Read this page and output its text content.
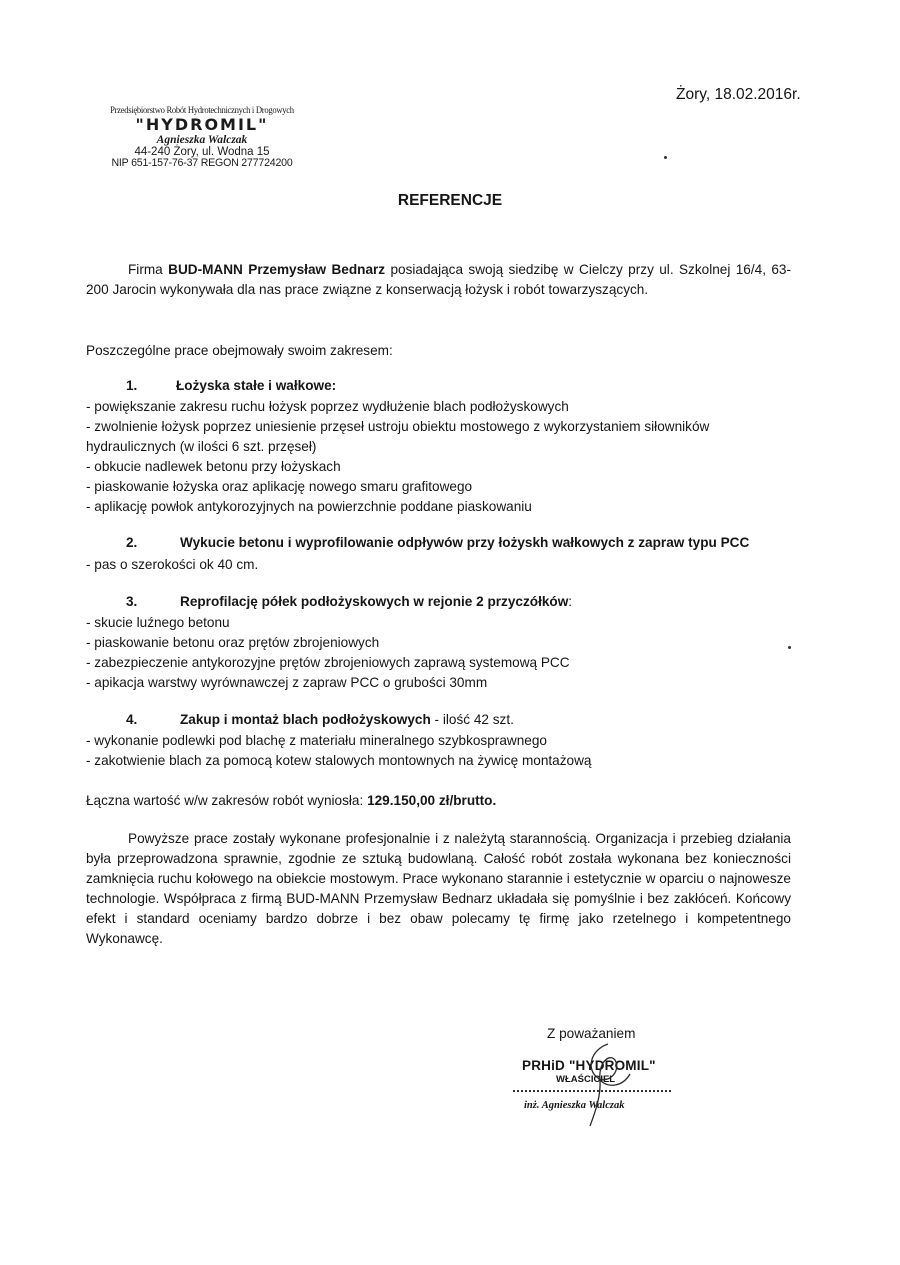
Żory, 18.02.2016r.
Przedsiębiorstwo Robót Hydrotechnicznych i Drogowych
"HYDROMIL"
Agnieszka Walczak
44-240 Żory, ul. Wodna 15
NIP 651-157-76-37 REGON 277724200
REFERENCJE
Firma BUD-MANN Przemysław Bednarz posiadająca swoją siedzibę w Cielczy przy ul. Szkolnej 16/4, 63-200 Jarocin wykonywała dla nas prace związne z konserwacją łożysk i robót towarzyszących.
Poszczególne prace obejmowały swoim zakresem:
1.	Łożyska stałe i wałkowe:
- powiększanie zakresu ruchu łożysk poprzez wydłużenie blach podłożyskowych
- zwolnienie łożysk poprzez uniesienie przęseł ustroju obiektu mostowego z wykorzystaniem siłowników
hydraulicznych (w ilości 6 szt. przęseł)
- obkucie nadlewek betonu przy łożyskach
- piaskowanie łożyska oraz aplikację nowego smaru grafitowego
- aplikację powłok antykorozyjnych na powierzchnie poddane piaskowaniu
2.	Wykucie betonu i wyprofilowanie odpływów przy łożyskh wałkowych z zapraw typu PCC
- pas o szerokości ok 40 cm.
3.	Reprofilację półek podłożyskowych w rejonie 2 przyczółków:
- skucie luźnego betonu
- piaskowanie betonu oraz prętów zbrojeniowych
- zabezpieczenie antykorozyjne prętów zbrojeniowych zaprawą systemową PCC
- apikacja warstwy wyrównawczej z zapraw PCC o grubości 30mm
4.	Zakup i montaż blach podłożyskowych - ilość 42 szt.
- wykonanie podlewki pod blachę z materiału mineralnego szybkosprawnego
- zakotwienie blach za pomocą kotew stalowych montownych na żywicę montażową
Łączna wartość w/w zakresów robót wyniosła: 129.150,00 zł/brutto.
Powyższe prace zostały wykonane profesjonalnie i z należytą starannością. Organizacja i przebieg działania była przeprowadzona sprawnie, zgodnie ze sztuką budowlaną. Całość robót została wykonana bez konieczności zamknięcia ruchu kołowego na obiekcie mostowym. Prace wykonano starannie i estetycznie w oparciu o najnowesze technologie. Współpraca z firmą BUD-MANN Przemysław Bednarz układała się pomyślnie i bez zakłóceń. Końcowy efekt i standard oceniamy bardzo dobrze i bez obaw polecamy tę firmę jako rzetelnego i kompetentnego Wykonawcę.
Z poważaniem
PRHiD "HYDROMIL"
WŁAŚCICIEL
inż. Agnieszka Walczak
